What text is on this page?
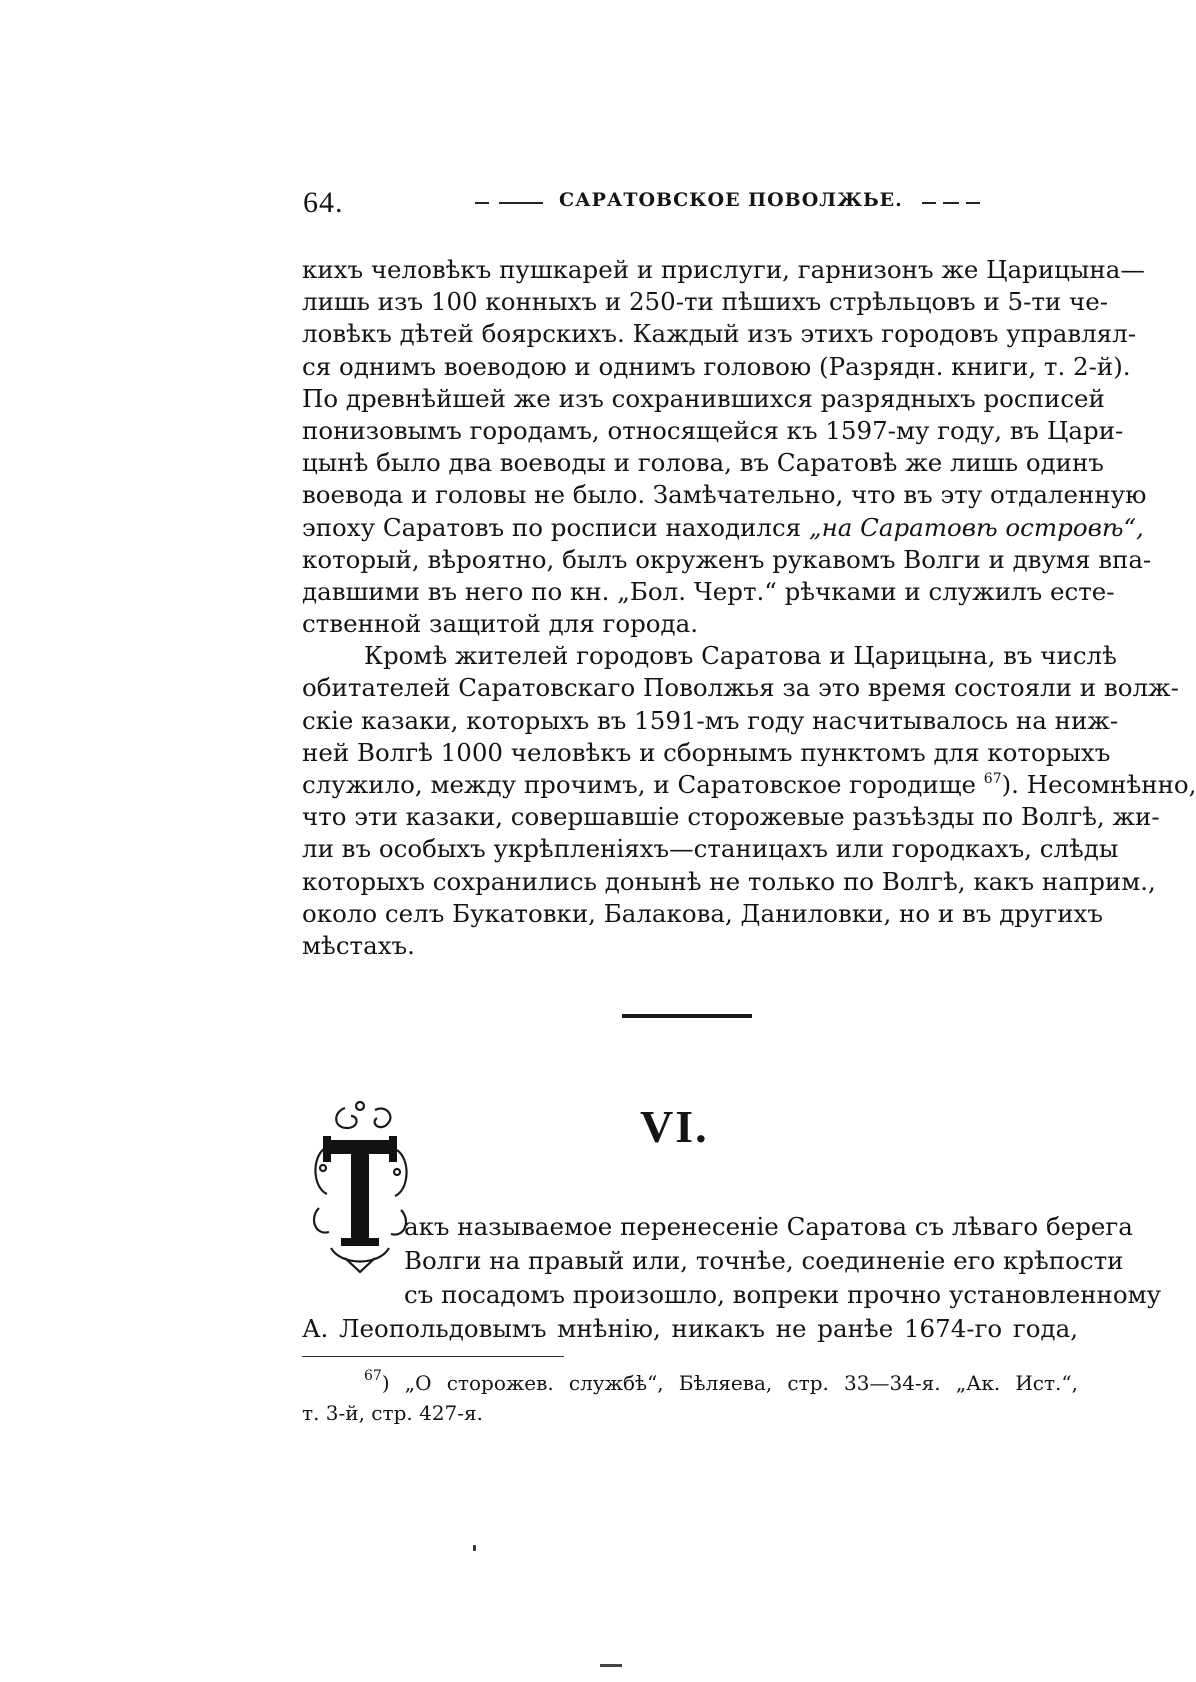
64.	САРАТОВСКОЕ ПОВОЛЖЬЕ.
кихъ человѣкъ пушкарей и прислуги, гарнизонъ же Царицына—
лишь изъ 100 конныхъ и 250-ти пѣшихъ стрѣльцовъ и 5-ти че-
ловѣкъ дѣтей боярскихъ. Каждый изъ этихъ городовъ управлял-
ся однимъ воеводою и однимъ головою (Разрядн. книги, т. 2-й).
По древнѣйшей же изъ сохранившихся разрядныхъ росписей
понизовымъ городамъ, относящейся къ 1597-му году, въ Цари-
цынѣ было два воеводы и голова, въ Саратовѣ же лишь одинъ
воевода и головы не было. Замѣчательно, что въ эту отдаленную
эпоху Саратовъ по росписи находился „на Саратовѣ островѣ“,
который, вѣроятно, былъ окруженъ рукавомъ Волги и двумя впа-
давшими въ него по кн. „Бол. Черт.“ рѣчками и служилъ есте-
ственной защитой для города.
Кромѣ жителей городовъ Саратова и Царицына, въ числѣ
обитателей Саратовскаго Поволжья за это время состояли и волж-
скіе казаки, которыхъ въ 1591-мъ году насчитывалось на ниж-
ней Волгѣ 1000 человѣкъ и сборнымъ пунктомъ для которыхъ
служило, между прочимъ, и Саратовское городище $^{67}$). Несомнѣнно,
что эти казаки, совершавшіе сторожевые разъѣзды по Волгѣ, жи-
ли въ особыхъ укрѣпленіяхъ—станицахъ или городкахъ, слѣды
которыхъ сохранились донынѣ не только по Волгѣ, какъ наприм.,
около селъ Букатовки, Балакова, Даниловки, но и въ другихъ
мѣстахъ.
VI.
Т
акъ называемое перенесеніе Саратова съ лѣваго берега
Волги на правый или, точнѣе, соединеніе его крѣпости
съ посадомъ произошло, вопреки прочно установленному
А. Леопольдовымъ мнѣнію, никакъ не ранѣе 1674-го года,
$^{67}$) „О сторожев. службѣ“, Бѣляева, стр. 33—34-я. „Ак. Ист.“,
т. 3-й, стр. 427-я.
